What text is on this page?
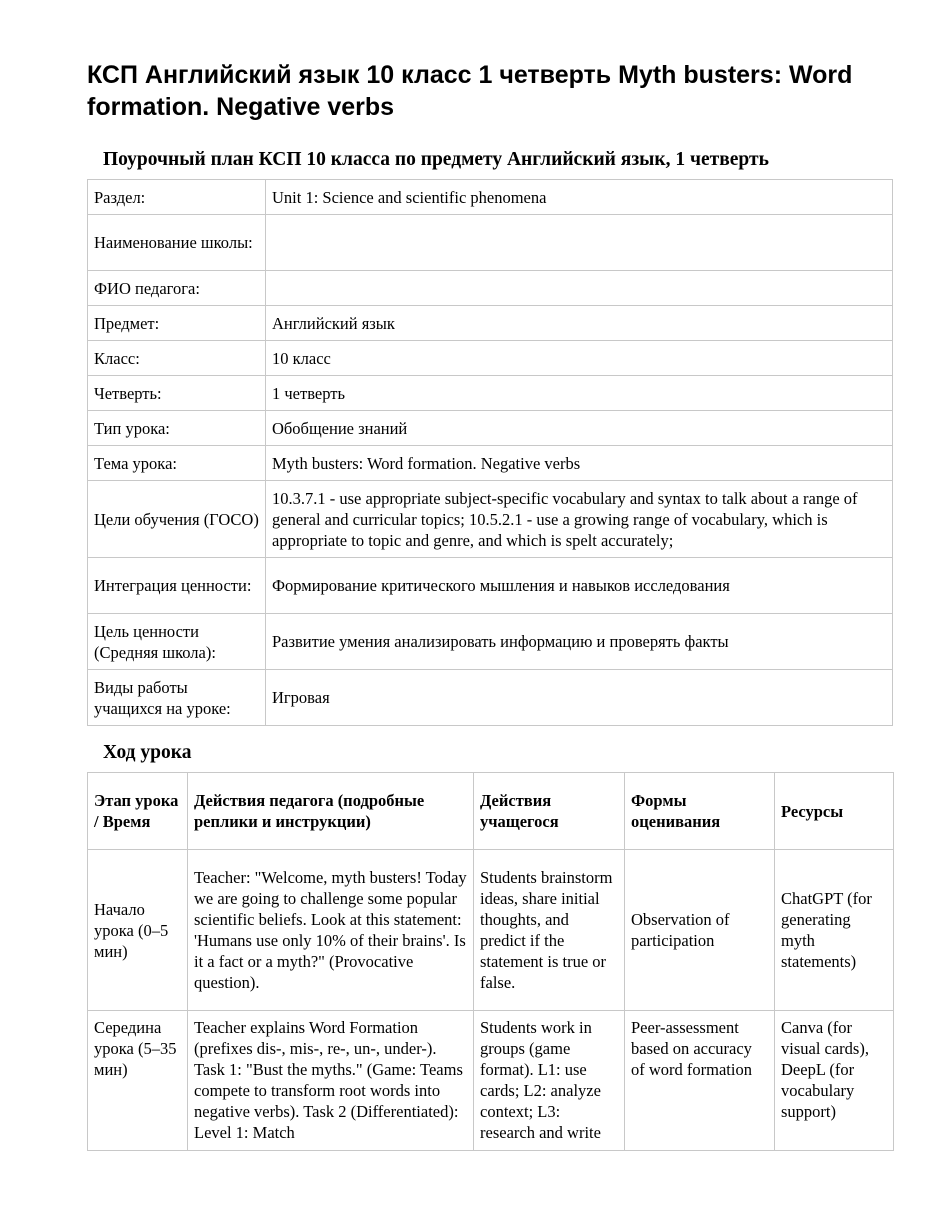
КСП Английский язык 10 класс 1 четверть Myth busters: Word formation. Negative verbs

Поурочный план КСП 10 класса по предмету Английский язык, 1 четверть

Раздел:	Unit 1: Science and scientific phenomena
Наименование школы:	
ФИО педагога:	
Предмет:	Английский язык
Класс:	10 класс
Четверть:	1 четверть
Тип урока:	Обобщение знаний
Тема урока:	Myth busters: Word formation. Negative verbs
Цели обучения (ГОСО)	10.3.7.1 - use appropriate subject-specific vocabulary and syntax to talk about a range of general and curricular topics; 10.5.2.1 - use a growing range of vocabulary, which is appropriate to topic and genre, and which is spelt accurately;
Интеграция ценности:	Формирование критического мышления и навыков исследования
Цель ценности (Средняя школа):	Развитие умения анализировать информацию и проверять факты
Виды работы учащихся на уроке:	Игровая

Ход урока

Этап урока / Время	Действия педагога (подробные реплики и инструкции)	Действия учащегося	Формы оценивания	Ресурсы
Начало урока (0–5 мин)	Teacher: "Welcome, myth busters! Today we are going to challenge some popular scientific beliefs. Look at this statement: 'Humans use only 10% of their brains'. Is it a fact or a myth?" (Provocative question).	Students brainstorm ideas, share initial thoughts, and predict if the statement is true or false.	Observation of participation	ChatGPT (for generating myth statements)

Середина урока (5–35 мин)	Teacher explains Word Formation (prefixes dis-, mis-, re-, un-, under-). Task 1: "Bust the myths." (Game: Teams compete to transform root words into negative verbs). Task 2 (Differentiated): Level 1: Match	Students work in groups (game format). L1: use cards; L2: analyze context; L3: research and write	Peer-assessment based on accuracy of word formation	Canva (for visual cards), DeepL (for vocabulary support)
